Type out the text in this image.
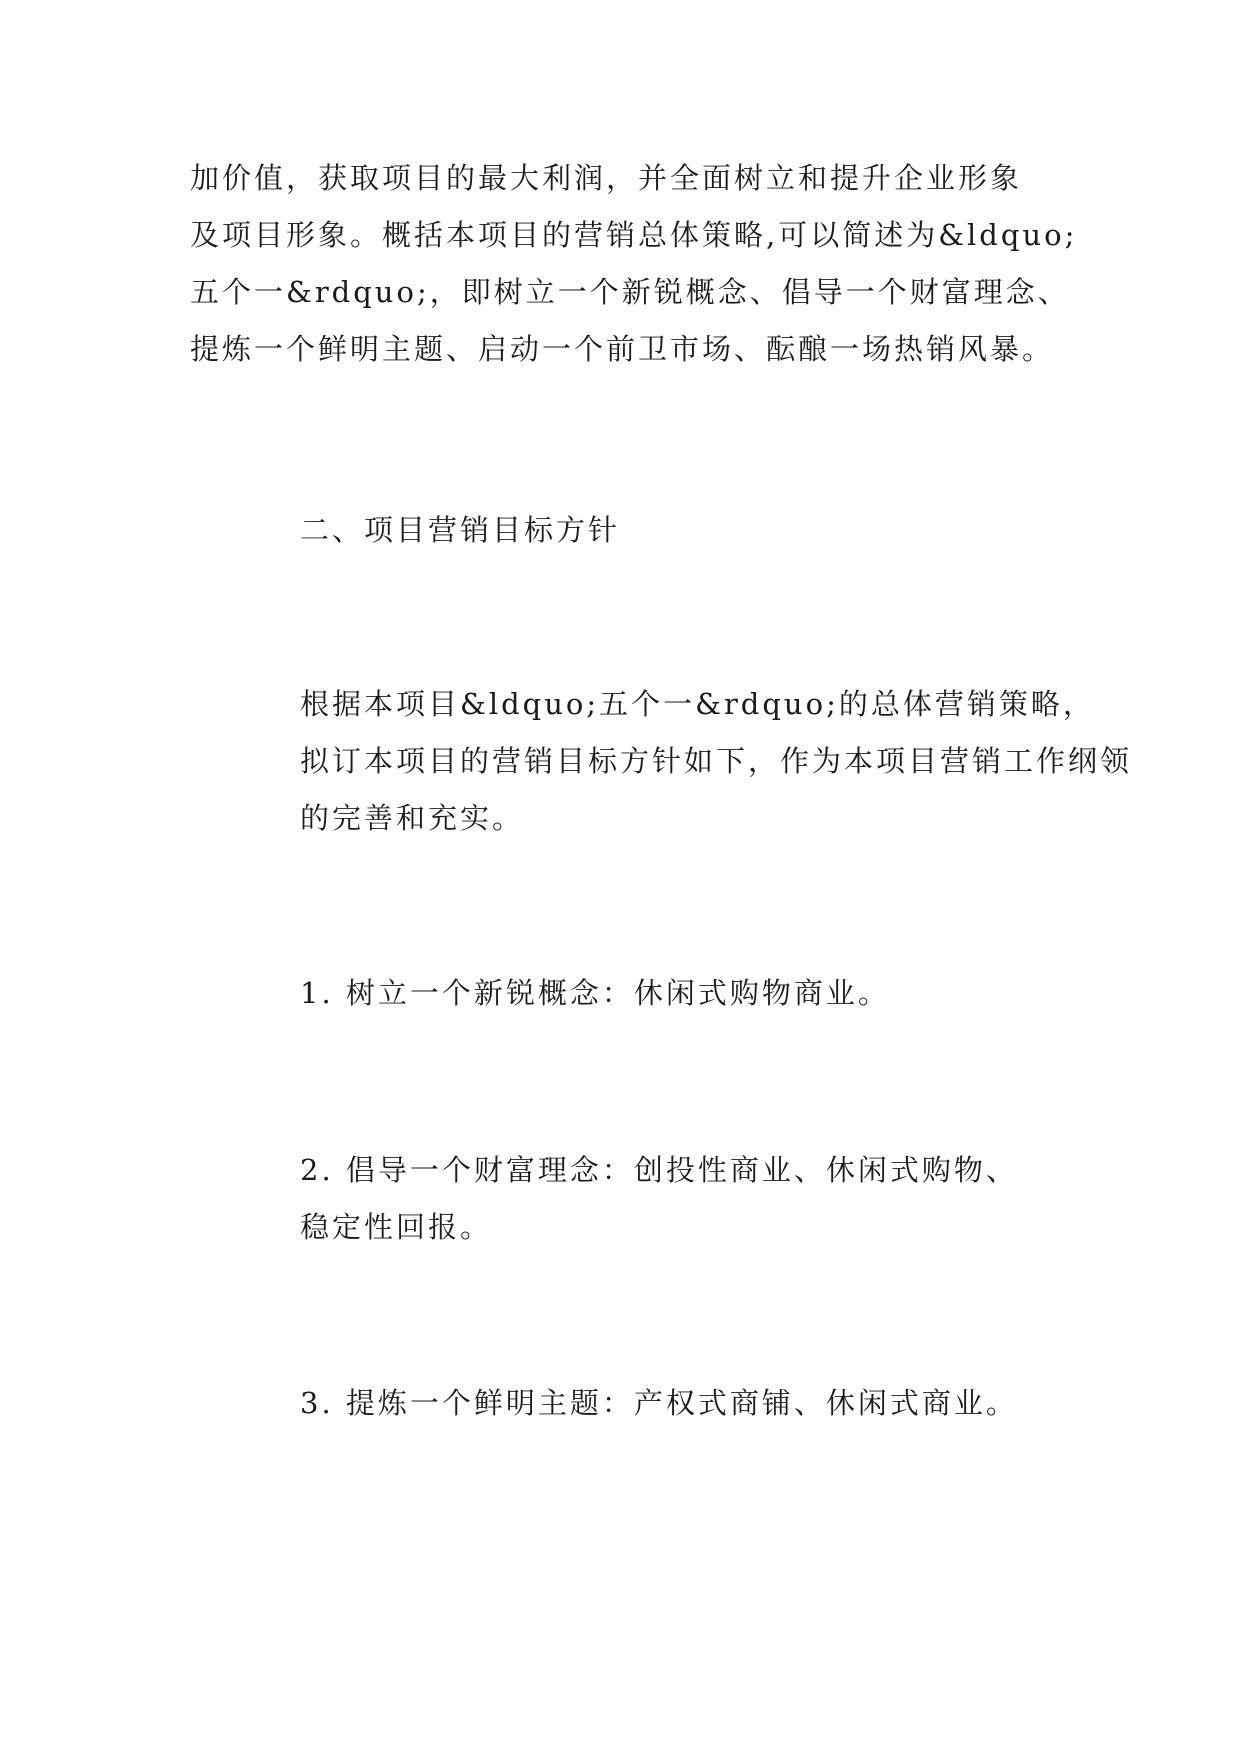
加价值，获取项目的最大利润，并全面树立和提升企业形象
及项目形象。概括本项目的营销总体策略,可以简述为&ldquo;
五个一&rdquo;，即树立一个新锐概念、倡导一个财富理念、
提炼一个鲜明主题、启动一个前卫市场、酝酿一场热销风暴。

二、项目营销目标方针

根据本项目&ldquo;五个一&rdquo;的总体营销策略，
拟订本项目的营销目标方针如下，作为本项目营销工作纲领
的完善和充实。

1. 树立一个新锐概念：休闲式购物商业。

2. 倡导一个财富理念：创投性商业、休闲式购物、
稳定性回报。

3. 提炼一个鲜明主题：产权式商铺、休闲式商业。
